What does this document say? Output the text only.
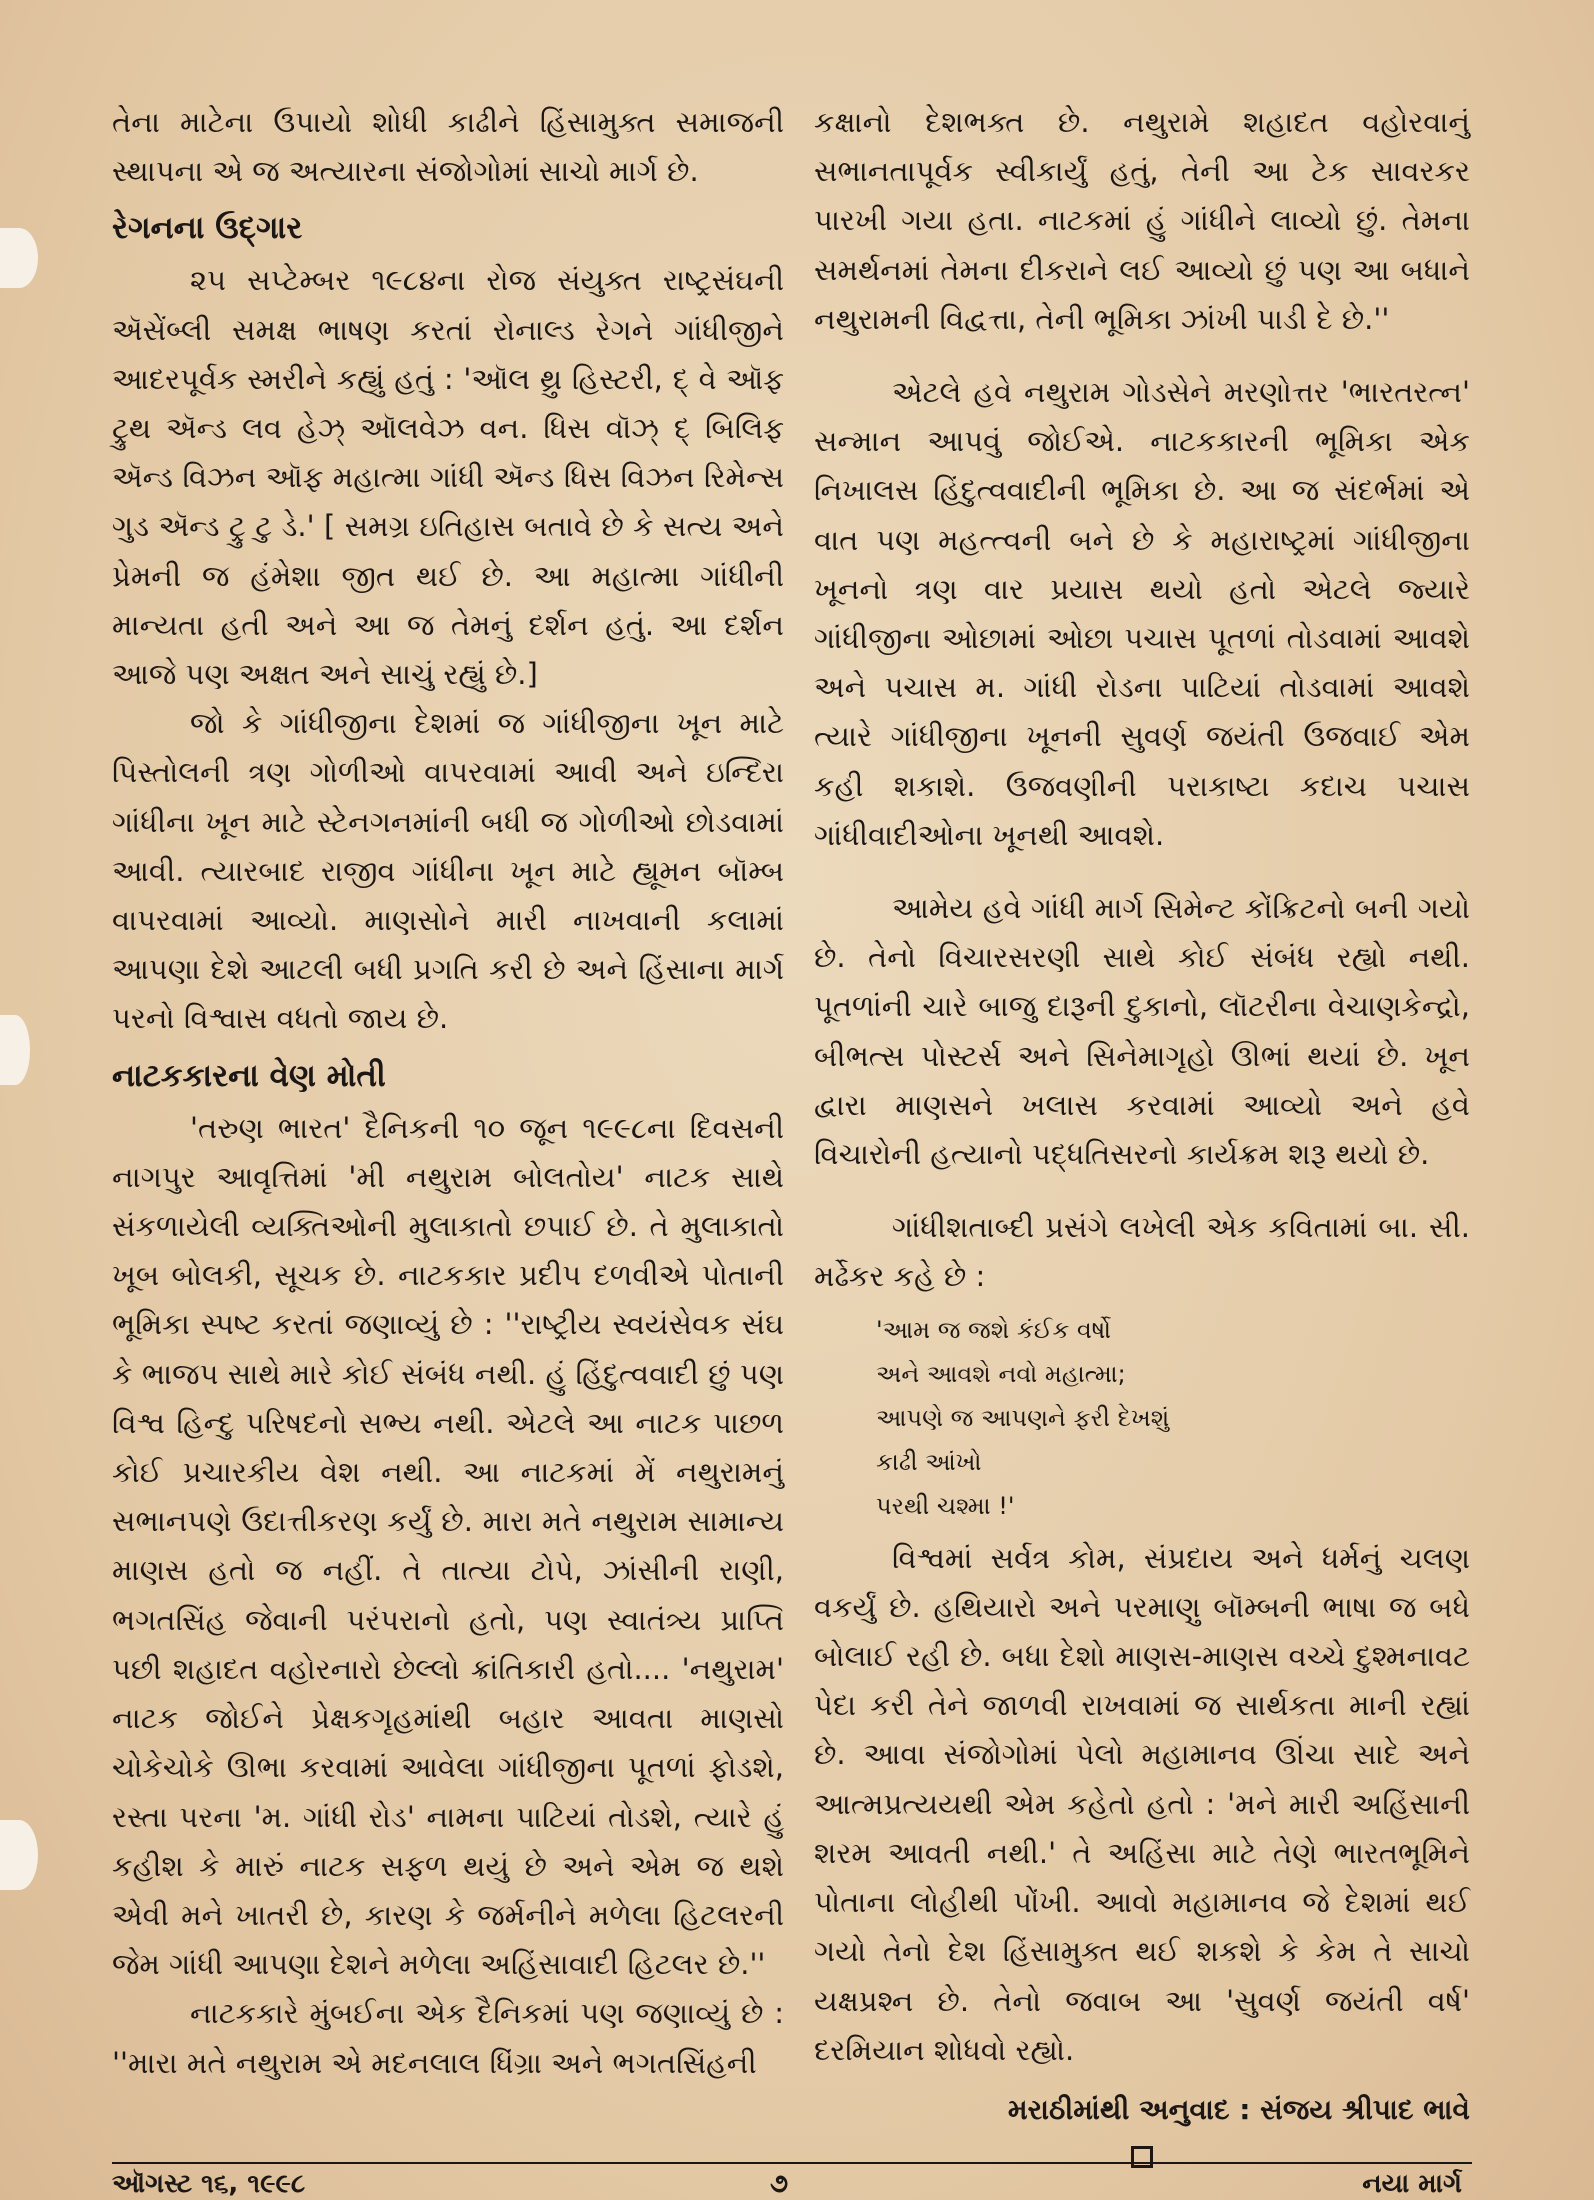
તેના માટેના ઉપાયો શોધી કાઢીને હિંસામુક્ત સમાજની સ્થાપના એ જ અત્યારના સંજોગોમાં સાચો માર્ગ છે.

રેગનના ઉદ્ગાર

૨૫ સપ્ટેમ્બર ૧૯૮૪ના રોજ સંયુક્ત રાષ્ટ્રસંઘની ઍસેંબ્લી સમક્ષ ભાષણ કરતાં રોનાલ્ડ રેગને ગાંધીજીને આદરપૂર્વક સ્મરીને કહ્યું હતું : 'ઑલ થ્રુ હિસ્ટરી, દ્ વે ઑફ ટ્રુથ ઍન્ડ લવ હેઝ્ ઑલવેઝ વન. ધિસ વૉઝ્ દ્ બિલિફ ઍન્ડ વિઝન ઑફ મહાત્મા ગાંધી ઍન્ડ ધિસ વિઝન રિમેન્સ ગુડ ઍન્ડ ટ્રુ ટુ ડે.' [ સમગ્ર ઇતિહાસ બતાવે છે કે સત્ય અને પ્રેમની જ હંમેશા જીત થઈ છે. આ મહાત્મા ગાંધીની માન્યતા હતી અને આ જ તેમનું દર્શન હતું. આ દર્શન આજે પણ અક્ષત અને સાચું રહ્યું છે.]

જો કે ગાંધીજીના દેશમાં જ ગાંધીજીના ખૂન માટે પિસ્તોલની ત્રણ ગોળીઓ વાપરવામાં આવી અને ઇન્દિરા ગાંધીના ખૂન માટે સ્ટેનગનમાંની બધી જ ગોળીઓ છોડવામાં આવી. ત્યારબાદ રાજીવ ગાંધીના ખૂન માટે હ્યૂમન બૉમ્બ વાપરવામાં આવ્યો. માણસોને મારી નાખવાની કલામાં આપણા દેશે આટલી બધી પ્રગતિ કરી છે અને હિંસાના માર્ગ પરનો વિશ્વાસ વધતો જાય છે.

નાટકકારના વેણ મોતી

'તરુણ ભારત' દૈનિકની ૧૦ જૂન ૧૯૯૮ના દિવસની નાગપુર આવૃત્તિમાં 'મી નથુરામ બોલતોય' નાટક સાથે સંકળાયેલી વ્યક્તિઓની મુલાકાતો છપાઈ છે. તે મુલાકાતો ખૂબ બોલકી, સૂચક છે. નાટકકાર પ્રદીપ દળવીએ પોતાની ભૂમિકા સ્પષ્ટ કરતાં જણાવ્યું છે : ''રાષ્ટ્રીય સ્વયંસેવક સંઘ કે ભાજપ સાથે મારે કોઈ સંબંધ નથી. હું હિંદુત્વવાદી છું પણ વિશ્વ હિન્દુ પરિષદનો સભ્ય નથી. એટલે આ નાટક પાછળ કોઈ પ્રચારકીય વેશ નથી. આ નાટકમાં મેં નથુરામનું સભાનપણે ઉદાત્તીકરણ કર્યું છે. મારા મતે નથુરામ સામાન્ય માણસ હતો જ નહીં. તે તાત્યા ટોપે, ઝાંસીની રાણી, ભગતસિંહ જેવાની પરંપરાનો હતો, પણ સ્વાતંત્ર્ય પ્રાપ્તિ પછી શહાદત વહોરનારો છેલ્લો ક્રાંતિકારી હતો.... 'નથુરામ' નાટક જોઈને પ્રેક્ષકગૃહમાંથી બહાર આવતા માણસો ચોકેચોકે ઊભા કરવામાં આવેલા ગાંધીજીના પૂતળાં ફોડશે, રસ્તા પરના 'મ. ગાંધી રોડ' નામના પાટિયાં તોડશે, ત્યારે હું કહીશ કે મારું નાટક સફળ થયું છે અને એમ જ થશે એવી મને ખાતરી છે, કારણ કે જર્મનીને મળેલા હિટલરની જેમ ગાંધી આપણા દેશને મળેલા અહિંસાવાદી હિટલર છે.''

નાટકકારે મુંબઈના એક દૈનિકમાં પણ જણાવ્યું છે : ''મારા મતે નથુરામ એ મદનલાલ ધિંગ્રા અને ભગતસિંહની

કક્ષાનો દેશભક્ત છે. નથુરામે શહાદત વહોરવાનું સભાનતાપૂર્વક સ્વીકાર્યું હતું, તેની આ ટેક સાવરકર પારખી ગયા હતા. નાટકમાં હું ગાંધીને લાવ્યો છું. તેમના સમર્થનમાં તેમના દીકરાને લઈ આવ્યો છું પણ આ બધાને નથુરામની વિદ્વત્તા, તેની ભૂમિકા ઝાંખી પાડી દે છે.''

એટલે હવે નથુરામ ગોડસેને મરણોત્તર 'ભારતરત્ન' સન્માન આપવું જોઈએ. નાટકકારની ભૂમિકા એક નિખાલસ હિંદુત્વવાદીની ભૂમિકા છે. આ જ સંદર્ભમાં એ વાત પણ મહત્ત્વની બને છે કે મહારાષ્ટ્રમાં ગાંધીજીના ખૂનનો ત્રણ વાર પ્રયાસ થયો હતો એટલે જ્યારે ગાંધીજીના ઓછામાં ઓછા પચાસ પૂતળાં તોડવામાં આવશે અને પચાસ મ. ગાંધી રોડના પાટિયાં તોડવામાં આવશે ત્યારે ગાંધીજીના ખૂનની સુવર્ણ જયંતી ઉજવાઈ એમ કહી શકાશે. ઉજવણીની પરાકાષ્ટા કદાચ પચાસ ગાંધીવાદીઓના ખૂનથી આવશે.

આમેય હવે ગાંધી માર્ગ સિમેન્ટ કોંક્રિટનો બની ગયો છે. તેનો વિચારસરણી સાથે કોઈ સંબંધ રહ્યો નથી. પૂતળાંની ચારે બાજુ દારૂની દુકાનો, લૉટરીના વેચાણકેન્દ્રો, બીભત્સ પોસ્ટર્સ અને સિનેમાગૃહો ઊભાં થયાં છે. ખૂન દ્વારા માણસને ખલાસ કરવામાં આવ્યો અને હવે વિચારોની હત્યાનો પદ્ધતિસરનો કાર્યક્રમ શરૂ થયો છે.

ગાંધીશતાબ્દી પ્રસંગે લખેલી એક કવિતામાં બા. સી. મર્ઢેકર કહે છે :

'આમ જ જશે કંઈક વર્ષો
અને આવશે નવો મહાત્મા;
આપણે જ આપણને ફરી દેખશું
કાઢી આંખો
પરથી ચશ્મા !'

વિશ્વમાં સર્વત્ર કોમ, સંપ્રદાય અને ધર્મનું ચલણ વકર્યું છે. હથિયારો અને પરમાણુ બૉમ્બની ભાષા જ બધે બોલાઈ રહી છે. બધા દેશો માણસ-માણસ વચ્ચે દુશ્મનાવટ પેદા કરી તેને જાળવી રાખવામાં જ સાર્થકતા માની રહ્યાં છે. આવા સંજોગોમાં પેલો મહામાનવ ઊંચા સાદે અને આત્મપ્રત્યયથી એમ કહેતો હતો : 'મને મારી અહિંસાની શરમ આવતી નથી.' તે અહિંસા માટે તેણે ભારતભૂમિને પોતાના લોહીથી પોંખી. આવો મહામાનવ જે દેશમાં થઈ ગયો તેનો દેશ હિંસામુક્ત થઈ શકશે કે કેમ તે સાચો યક્ષપ્રશ્ન છે. તેનો જવાબ આ 'સુવર્ણ જયંતી વર્ષ' દરમિયાન શોધવો રહ્યો.

મરાઠીમાંથી અનુવાદ : સંજય શ્રીપાદ ભાવે
ઑગસ્ટ ૧૬, ૧૯૯૮	૭	નયા માર્ગ
